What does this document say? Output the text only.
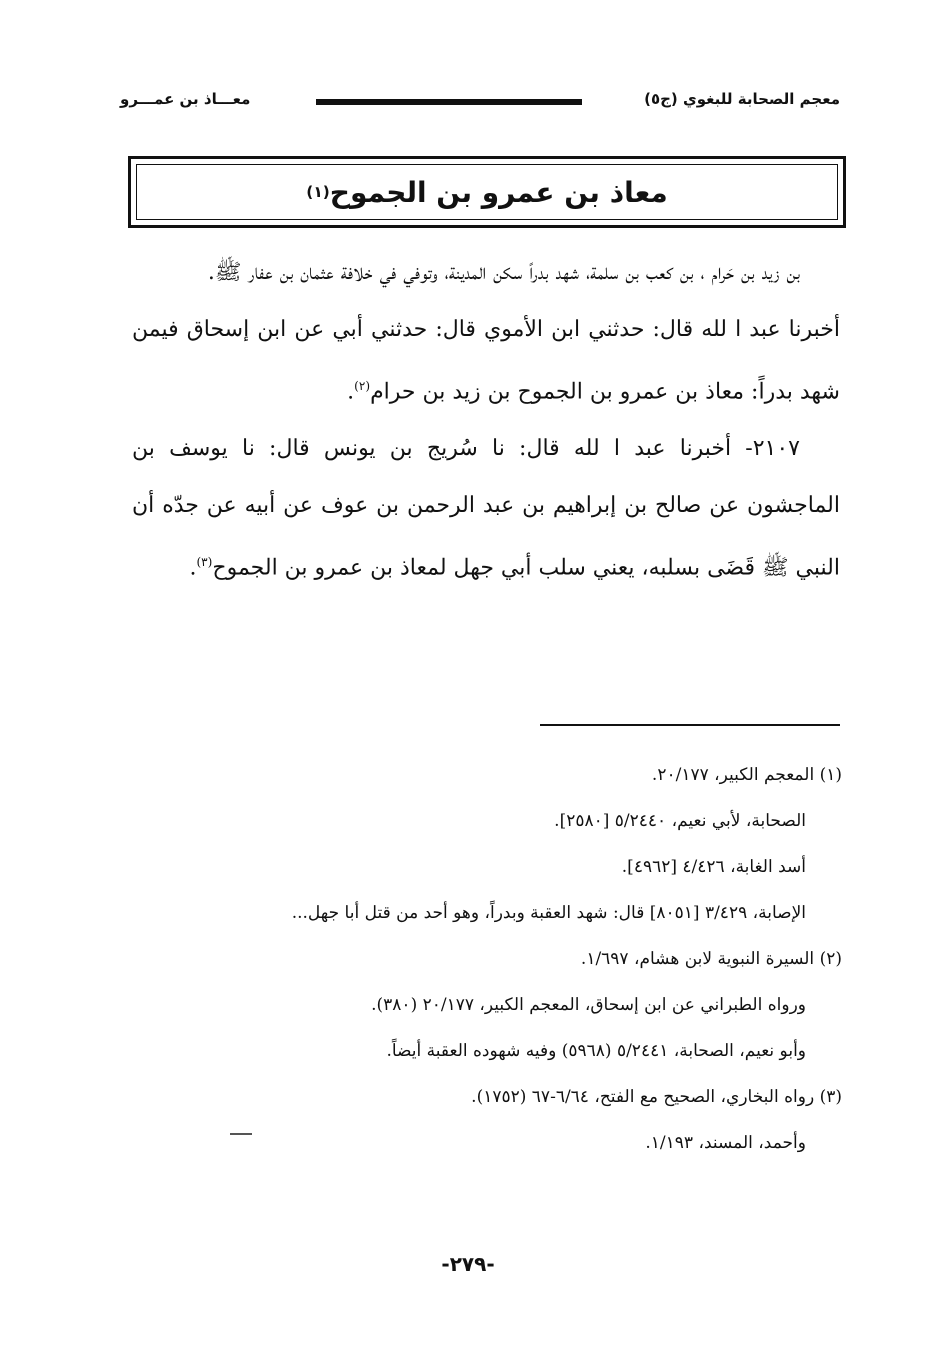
معجم الصحابة للبغوي (ج٥)
معـــاذ بن عمـــرو
معاذ بن عمرو بن الجموح
(١)

بن زيد بن حَرام ، بن كعب بن سلمة، شهد بدراً سكن المدينة، وتوفي في خلافة عثمان بن عفار ﷺ.

أخبرنا عبد ا لله قال: حدثني ابن الأموي قال: حدثني أبي عن ابن إسحاق فيمن شهد بدراً: معاذ بن عمرو بن الجموح بن زيد بن حرام$^{(٢)}$.

٢١٠٧- أخبرنا عبد ا لله قال: نا سُريج بن يونس قال: نا يوسف بن الماجشون عن صالح بن إبراهيم بن عبد الرحمن بن عوف عن أبيه عن جدّه أن النبي ﷺ قَضَى بسلبه، يعني سلب أبي جهل لمعاذ بن عمرو بن الجموح$^{(٣)}$.

(١) المعجم الكبير، ٢٠/١٧٧.
الصحابة، لأبي نعيم، ٥/٢٤٤٠ [٢٥٨٠].
أسد الغابة، ٤/٤٢٦ [٤٩٦٢].
الإصابة، ٣/٤٢٩ [٨٠٥١] قال: شهد العقبة وبدراً، وهو أحد من قتل أبا جهل...
(٢) السيرة النبوية لابن هشام، ١/٦٩٧.
ورواه الطبراني عن ابن إسحاق، المعجم الكبير، ٢٠/١٧٧ (٣٨٠).
وأبو نعيم، الصحابة، ٥/٢٤٤١ (٥٩٦٨) وفيه شهوده العقبة أيضاً.
(٣) رواه البخاري، الصحيح مع الفتح، ٦/٦٤-٦٧ (١٧٥٢).
وأحمد، المسند، ١/١٩٣.
-٢٧٩-
